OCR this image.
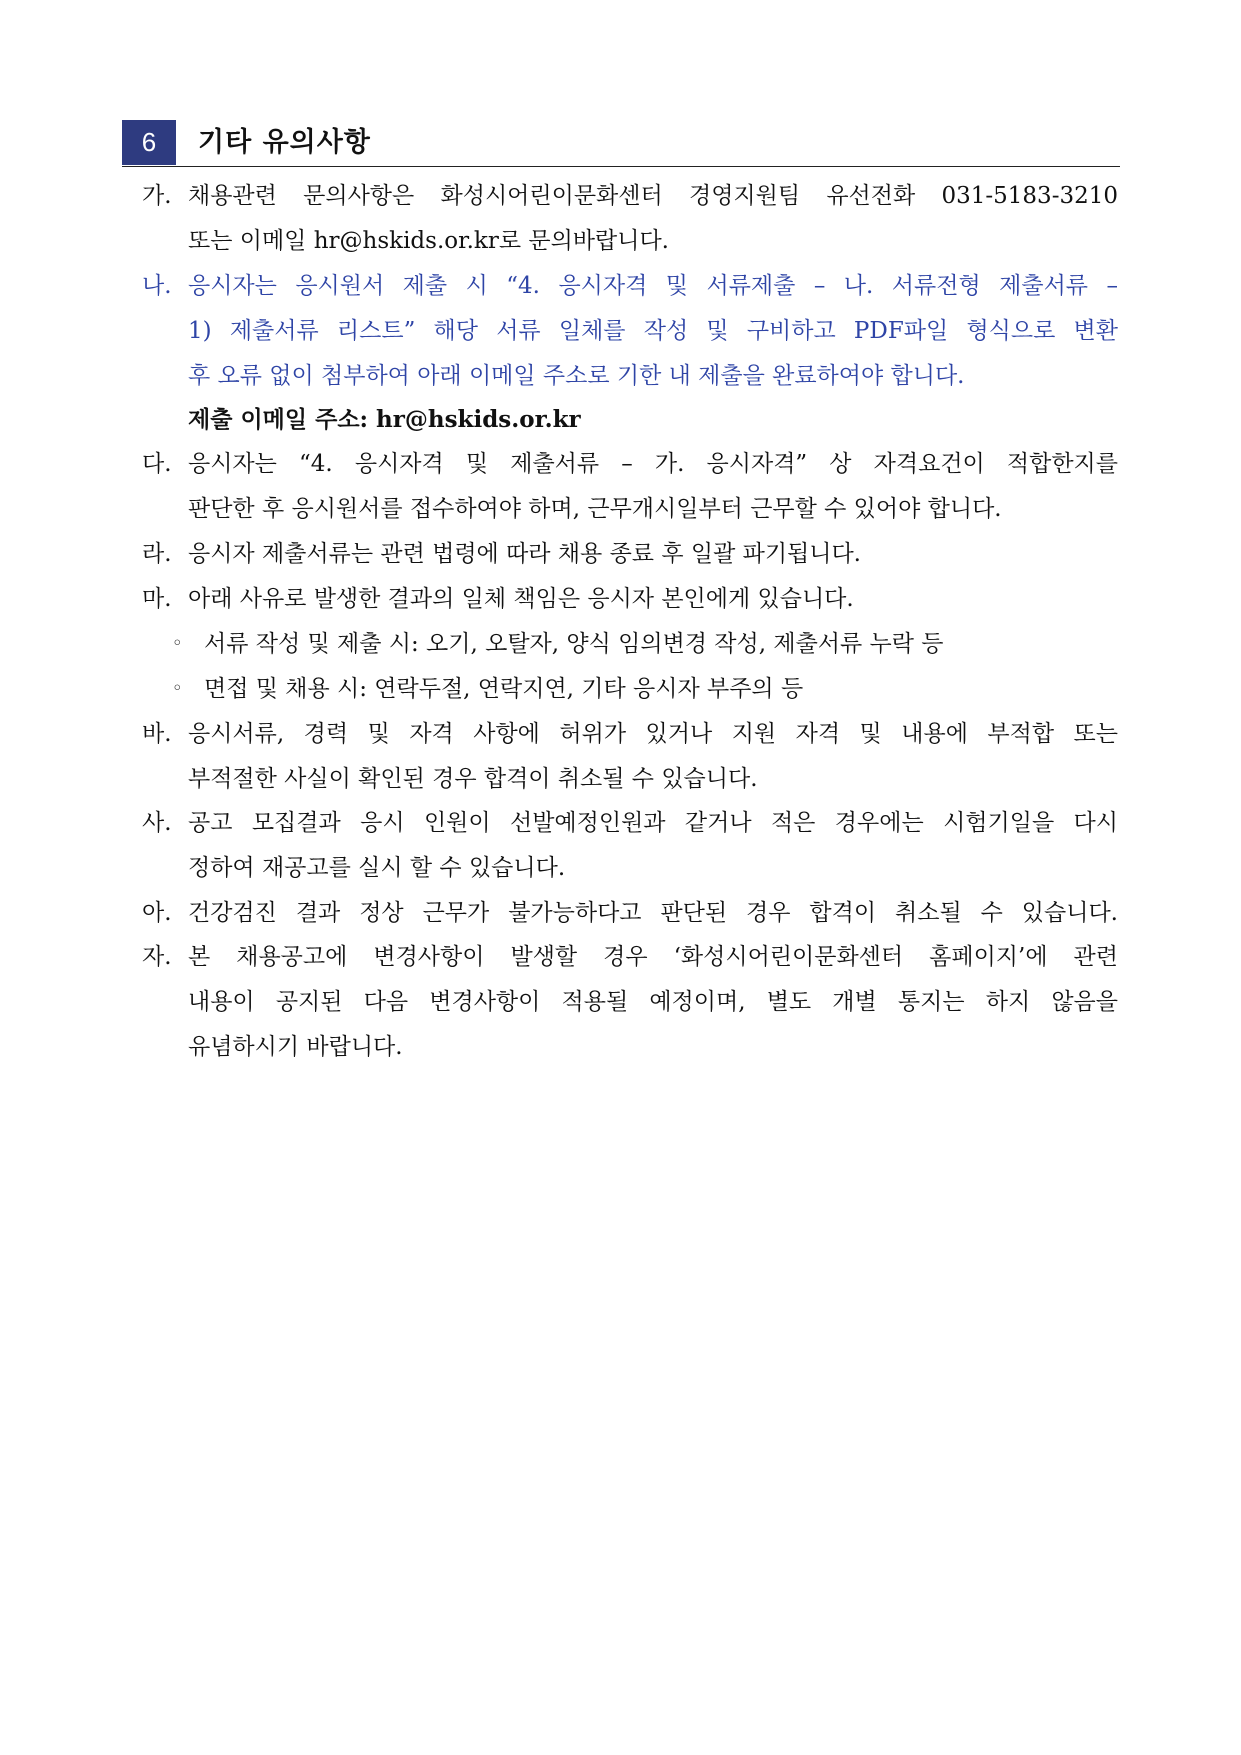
6	기타 유의사항
가. 채용관련 문의사항은 화성시어린이문화센터 경영지원팀 유선전화 031-5183-3210
또는 이메일 hr@hskids.or.kr로 문의바랍니다.
나. 응시자는 응시원서 제출 시 “4. 응시자격 및 서류제출 – 나. 서류전형 제출서류 –
1) 제출서류 리스트” 해당 서류 일체를 작성 및 구비하고 PDF파일 형식으로 변환
후 오류 없이 첨부하여 아래 이메일 주소로 기한 내 제출을 완료하여야 합니다.
제출 이메일 주소: hr@hskids.or.kr
다. 응시자는 “4. 응시자격 및 제출서류 – 가. 응시자격” 상 자격요건이 적합한지를
판단한 후 응시원서를 접수하여야 하며, 근무개시일부터 근무할 수 있어야 합니다.
라. 응시자 제출서류는 관련 법령에 따라 채용 종료 후 일괄 파기됩니다.
마. 아래 사유로 발생한 결과의 일체 책임은 응시자 본인에게 있습니다.
◦ 서류 작성 및 제출 시: 오기, 오탈자, 양식 임의변경 작성, 제출서류 누락 등
◦ 면접 및 채용 시: 연락두절, 연락지연, 기타 응시자 부주의 등
바. 응시서류, 경력 및 자격 사항에 허위가 있거나 지원 자격 및 내용에 부적합 또는
부적절한 사실이 확인된 경우 합격이 취소될 수 있습니다.
사. 공고 모집결과 응시 인원이 선발예정인원과 같거나 적은 경우에는 시험기일을 다시
정하여 재공고를 실시 할 수 있습니다.
아. 건강검진 결과 정상 근무가 불가능하다고 판단된 경우 합격이 취소될 수 있습니다.
자. 본 채용공고에 변경사항이 발생할 경우 ‘화성시어린이문화센터 홈페이지’에 관련
내용이 공지된 다음 변경사항이 적용될 예정이며, 별도 개별 통지는 하지 않음을
유념하시기 바랍니다.
